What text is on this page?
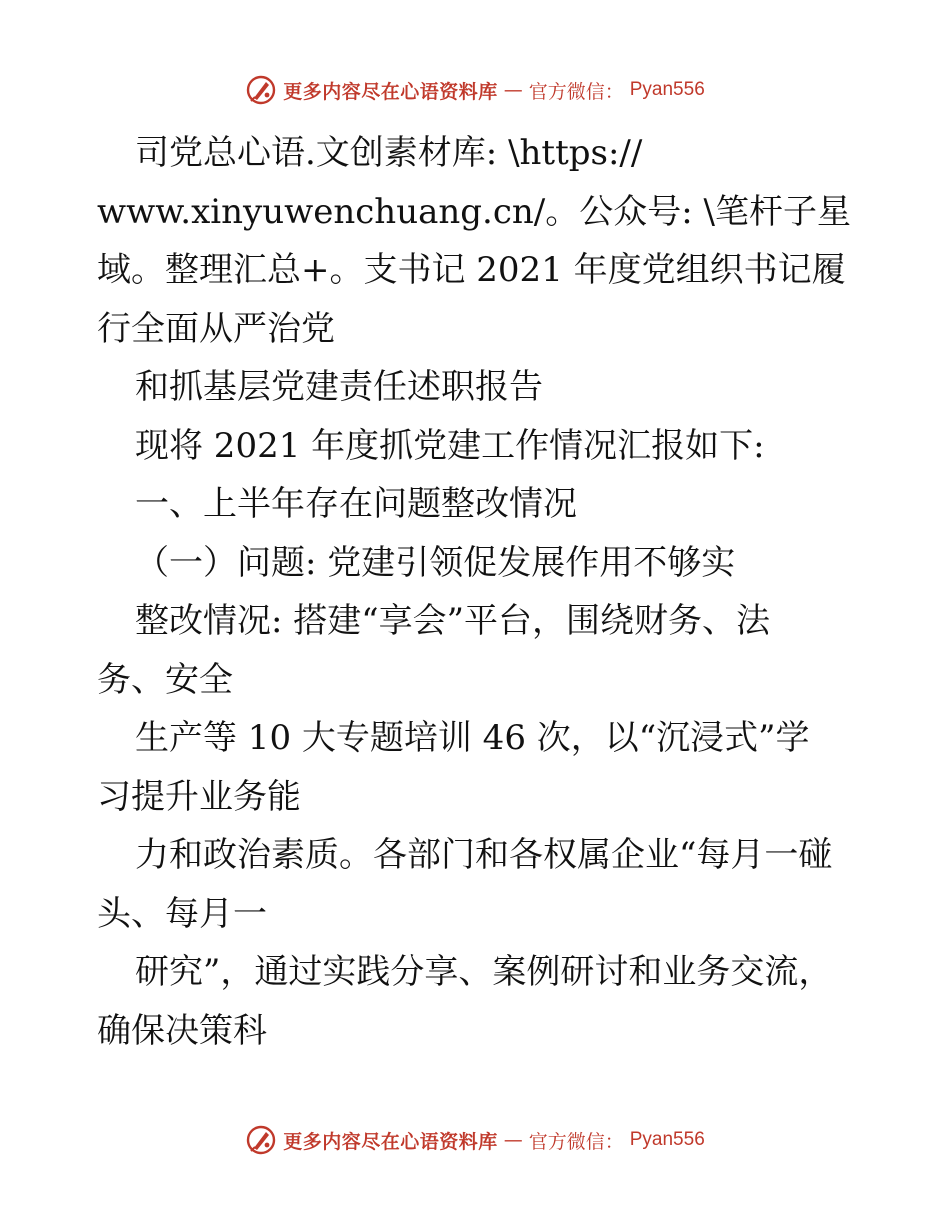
更多内容尽在心语资料库 — 官方微信： Pyan556
司党总心语.文创素材库: \https://
www.xinyuwenchuang.cn/。公众号: \笔杆子星
域。整理汇总+。支书记 2021 年度党组织书记履
行全面从严治党
和抓基层党建责任述职报告
现将 2021 年度抓党建工作情况汇报如下:
一、上半年存在问题整改情况
（一）问题: 党建引领促发展作用不够实
整改情况: 搭建“享会”平台，围绕财务、法
务、安全
生产等 10 大专题培训 46 次，以“沉浸式”学
习提升业务能
力和政治素质。各部门和各权属企业“每月一碰
头、每月一
研究”，通过实践分享、案例研讨和业务交流，
确保决策科
更多内容尽在心语资料库 — 官方微信： Pyan556
